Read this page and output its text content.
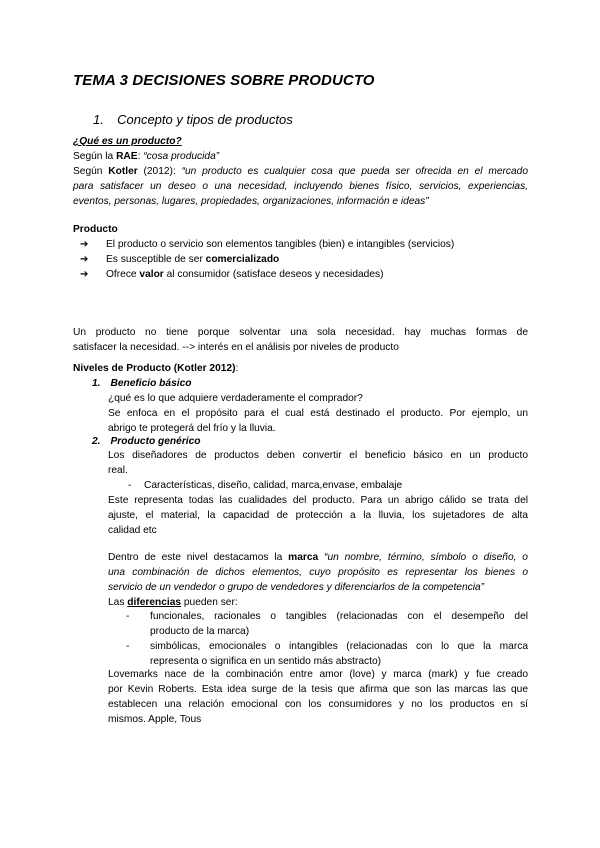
TEMA 3 DECISIONES SOBRE PRODUCTO
1. Concepto y tipos de productos
¿Qué es un producto?
Según la RAE: “cosa producida”
Según Kotler (2012): “un producto es cualquier cosa que pueda ser ofrecida en el mercado
para satisfacer un deseo o una necesidad, incluyendo bienes físico, servicios, experiencias,
eventos, personas, lugares, propiedades, organizaciones, información e ideas”
Producto
➔ El producto o servicio son elementos tangibles (bien) e intangibles (servicios)
➔ Es susceptible de ser comercializado
➔ Ofrece valor al consumidor (satisface deseos y necesidades)
Un producto no tiene porque solventar una sola necesidad. hay muchas formas de
satisfacer la necesidad. --> interés en el análisis por niveles de producto
Niveles de Producto (Kotler 2012):
1. Beneficio básico
¿qué es lo que adquiere verdaderamente el comprador?
Se enfoca en el propósito para el cual está destinado el producto. Por ejemplo, un
abrigo te protegerá del frío y la lluvia.
2. Producto genérico
Los diseñadores de productos deben convertir el beneficio básico en un producto
real.
- Características, diseño, calidad, marca,envase, embalaje
Este representa todas las cualidades del producto. Para un abrigo cálido se trata del
ajuste, el material, la capacidad de protección a la lluvia, los sujetadores de alta
calidad etc
Dentro de este nivel destacamos la marca “un nombre, término, símbolo o diseño, o
una combinación de dichos elementos, cuyo propósito es representar los bienes o
servicio de un vendedor o grupo de vendedores y diferenciarlos de la competencia”
Las diferencias pueden ser:
- funcionales, racionales o tangibles (relacionadas con el desempeño del
producto de la marca)
- simbólicas, emocionales o intangibles (relacionadas con lo que la marca
representa o significa en un sentido más abstracto)
Lovemarks nace de la combinación entre amor (love) y marca (mark) y fue creado
por Kevin Roberts. Esta idea surge de la tesis que afirma que son las marcas las que
establecen una relación emocional con los consumidores y no los productos en sí
mismos. Apple, Tous
